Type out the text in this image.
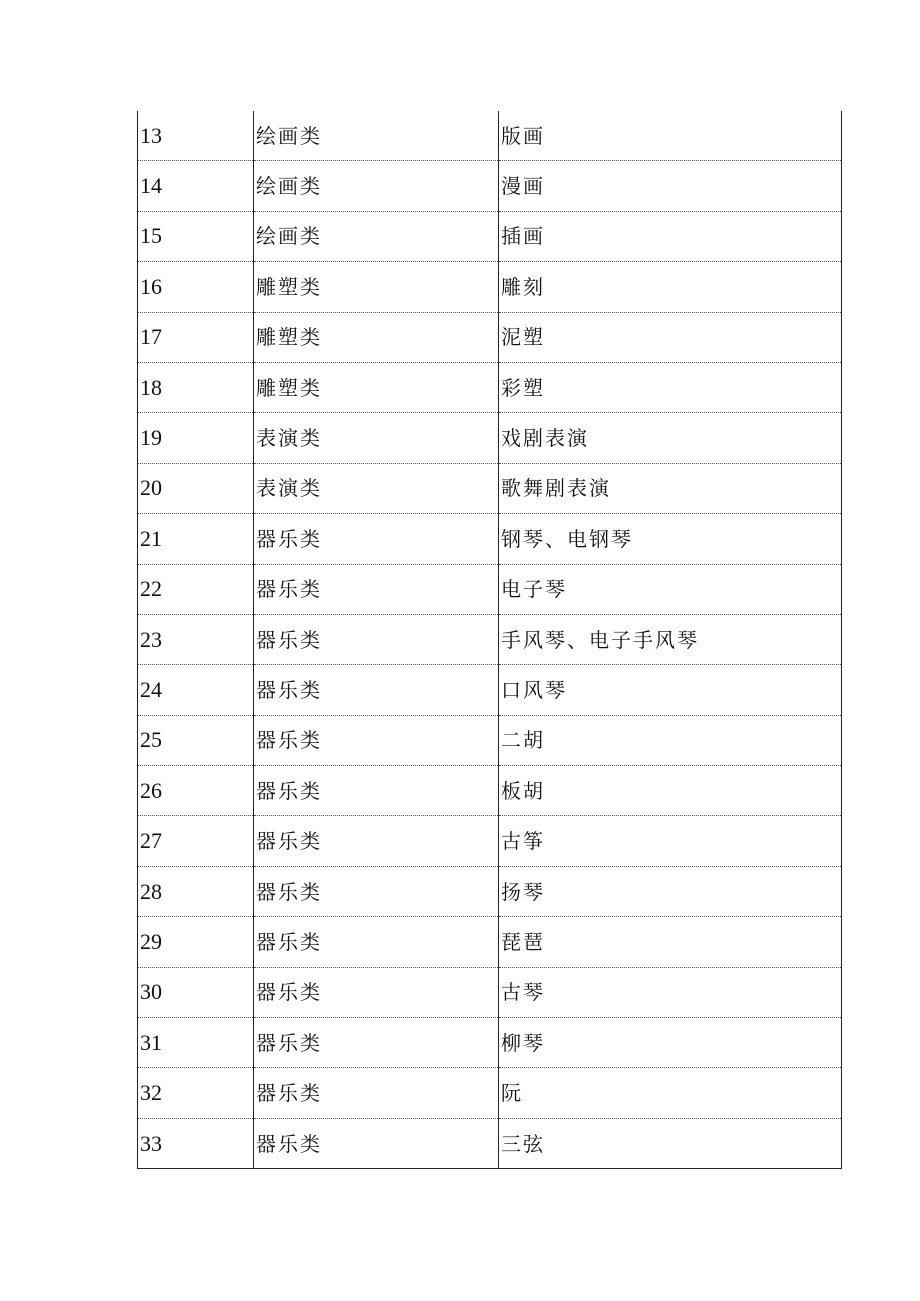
13	绘画类	版画
14	绘画类	漫画
15	绘画类	插画
16	雕塑类	雕刻
17	雕塑类	泥塑
18	雕塑类	彩塑
19	表演类	戏剧表演
20	表演类	歌舞剧表演
21	器乐类	钢琴、电钢琴
22	器乐类	电子琴
23	器乐类	手风琴、电子手风琴
24	器乐类	口风琴
25	器乐类	二胡
26	器乐类	板胡
27	器乐类	古筝
28	器乐类	扬琴
29	器乐类	琵琶
30	器乐类	古琴
31	器乐类	柳琴
32	器乐类	阮
33	器乐类	三弦
